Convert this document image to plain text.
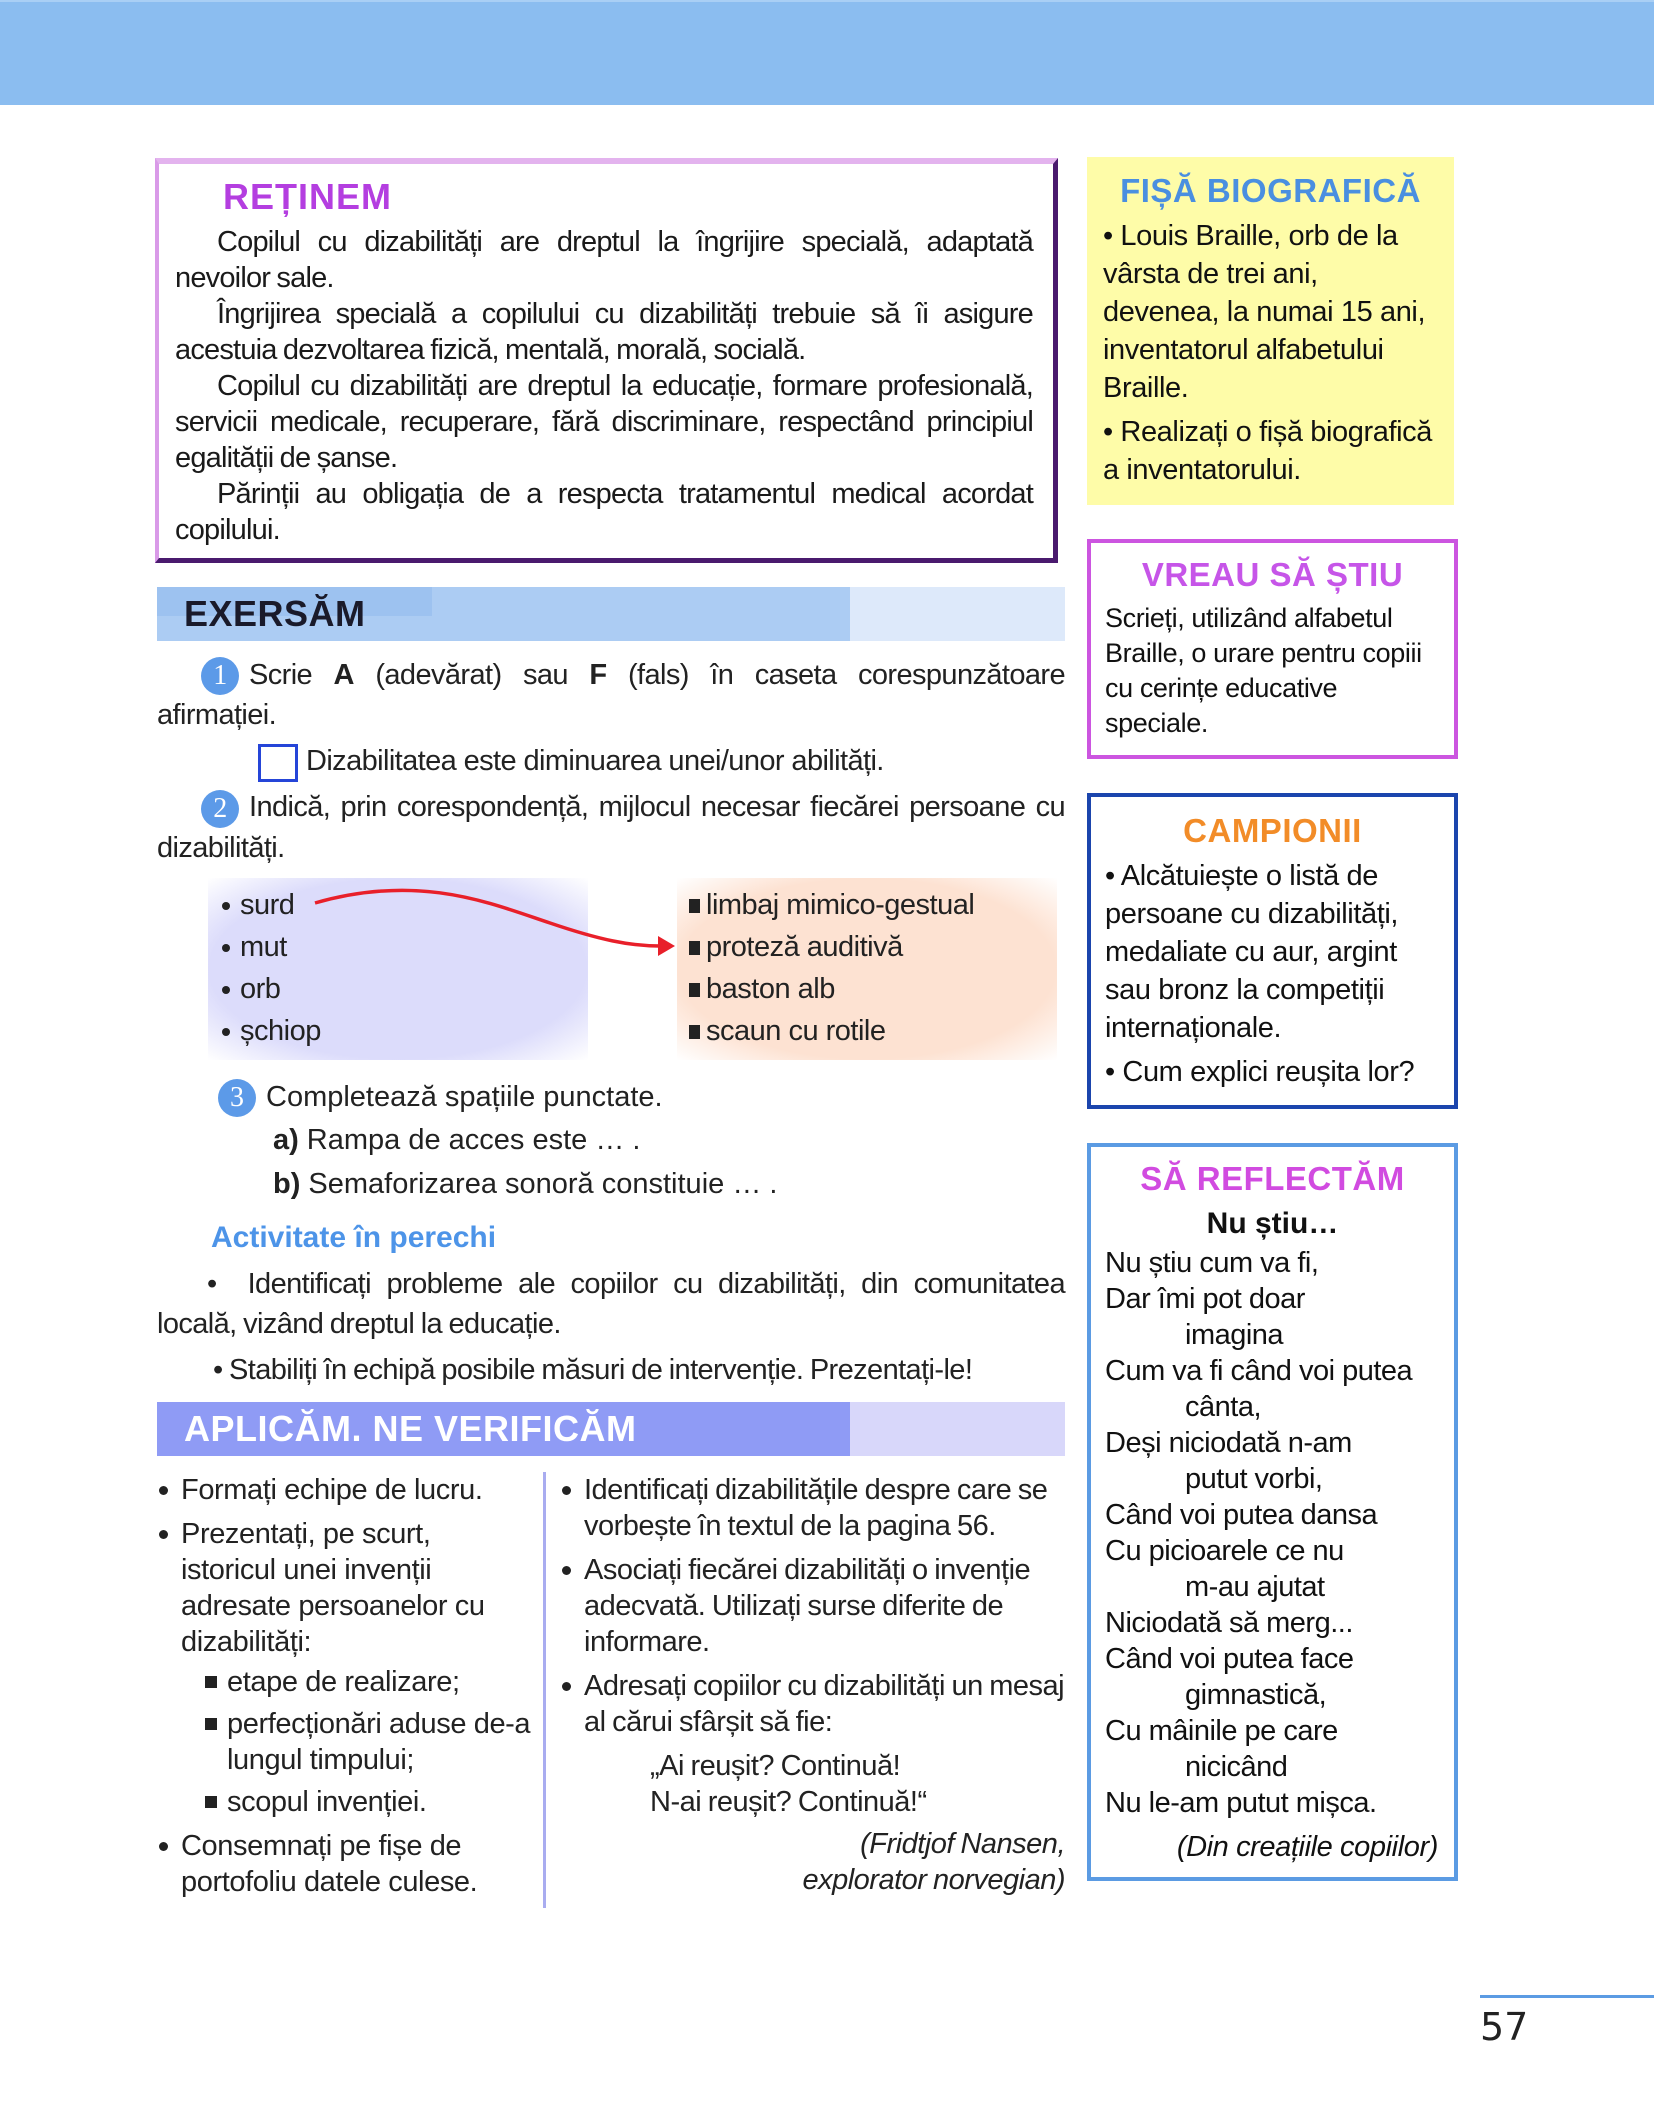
REȚINEM

Copilul cu dizabilități are dreptul la îngrijire specială, adaptată nevoilor sale.

Îngrijirea specială a copilului cu dizabilități trebuie să îi asigure acestuia dezvoltarea fizică, mentală, morală, socială.

Copilul cu dizabilități are dreptul la educație, formare profesională, servicii medicale, recuperare, fără discriminare, respectând principiul egalității de șanse.

Părinții au obligația de a respecta tratamentul medical acordat copilului.

EXERSĂM
1 Scrie A (adevărat) sau F (fals) în caseta corespunzătoare afirmației.
Dizabilitatea este diminuarea unei/unor abilități.
2 Indică, prin corespondență, mijlocul necesar fiecărei persoane cu dizabilități.
surd
mut
orb
șchiop
limbaj mimico-gestual
proteză auditivă
baston alb
scaun cu rotile
3 Completează spațiile punctate.
a) Rampa de acces este … .
b) Semaforizarea sonoră constituie … .
Activitate în perechi
•  Identificați probleme ale copiilor cu dizabilități, din comunitatea locală, vizând dreptul la educație.
• Stabiliți în echipă posibile măsuri de intervenție. Prezentați-le!
APLICĂM. NE VERIFICĂM
Formați echipe de lucru.
Prezentați, pe scurt, istoricul unei invenții adresate persoanelor cu dizabilități:
etape de realizare;
perfecționări aduse de-a lungul timpului;
scopul invenției.
Consemnați pe fișe de portofoliu datele culese.
Identificați dizabilitățile despre care se vorbește în textul de la pagina 56.
Asociați fiecărei dizabilități o invenție adecvată. Utilizați surse diferite de informare.
Adresați copiilor cu dizabilități un mesaj al cărui sfârșit să fie:
„Ai reușit? Continuă!
N-ai reușit? Continuă!“
(Fridtjof Nansen,
explorator norvegian)
FIȘĂ BIOGRAFICĂ

• Louis Braille, orb de la vârsta de trei ani, devenea, la numai 15 ani, inventatorul alfabetului Braille.

• Realizați o fișă biografică a inventatorului.

VREAU SĂ ȘTIU

Scrieți, utilizând alfabetul Braille, o urare pentru copiii cu cerințe educative speciale.

CAMPIONII

• Alcătuiește o listă de persoane cu dizabilități, medaliate cu aur, argint sau bronz la competiții internaționale.

• Cum explici reușita lor?

SĂ REFLECTĂM
Nu știu…
Nu știu cum va fi,
Dar îmi pot doar
imagina
Cum va fi când voi putea
cânta,
Deși niciodată n-am
putut vorbi,
Când voi putea dansa
Cu picioarele ce nu
m-au ajutat
Niciodată să merg...
Când voi putea face
gimnastică,
Cu mâinile pe care
nicicând
Nu le-am putut mișca.
(Din creațiile copiilor)
57
